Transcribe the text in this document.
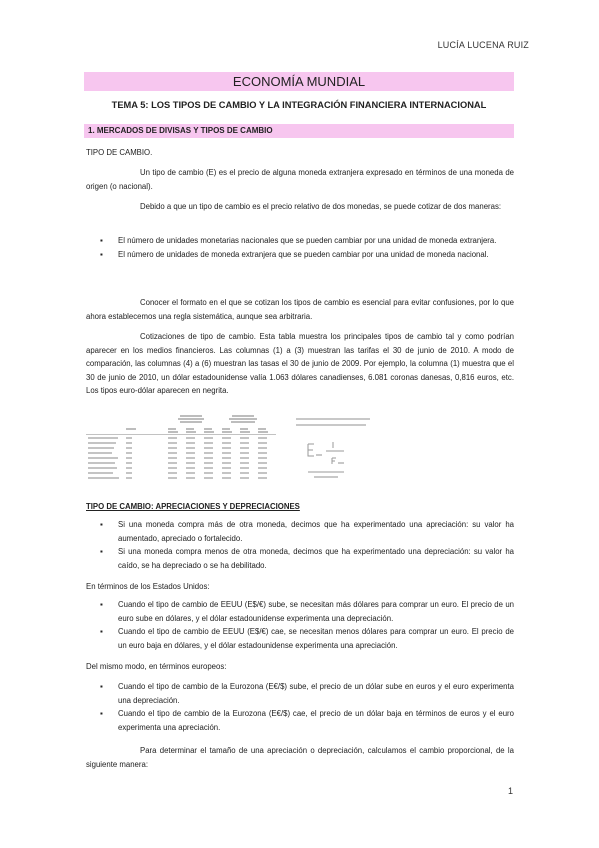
LUCÍA LUCENA RUIZ
ECONOMÍA MUNDIAL
TEMA 5: LOS TIPOS DE CAMBIO Y LA INTEGRACIÓN FINANCIERA INTERNACIONAL
1. MERCADOS DE DIVISAS Y TIPOS DE CAMBIO
TIPO DE CAMBIO.
Un tipo de cambio (E) es el precio de alguna moneda extranjera expresado en términos de una moneda de origen (o nacional).
Debido a que un tipo de cambio es el precio relativo de dos monedas, se puede cotizar de dos maneras:
▪ El número de unidades monetarias nacionales que se pueden cambiar por una unidad de moneda extranjera.
▪ El número de unidades de moneda extranjera que se pueden cambiar por una unidad de moneda nacional.
Conocer el formato en el que se cotizan los tipos de cambio es esencial para evitar confusiones, por lo que ahora establecemos una regla sistemática, aunque sea arbitraria.
Cotizaciones de tipo de cambio. Esta tabla muestra los principales tipos de cambio tal y como podrían aparecer en los medios financieros. Las columnas (1) a (3) muestran las tarifas el 30 de junio de 2010. A modo de comparación, las columnas (4) a (6) muestran las tasas el 30 de junio de 2009. Por ejemplo, la columna (1) muestra que el 30 de junio de 2010, un dólar estadounidense valía 1.063 dólares canadienses, 6.081 coronas danesas, 0,816 euros, etc. Los tipos euro-dólar aparecen en negrita.
TIPO DE CAMBIO: APRECIACIONES Y DEPRECIACIONES
▪ Si una moneda compra más de otra moneda, decimos que ha experimentado una apreciación: su valor ha aumentado, apreciado o fortalecido.
▪ Si una moneda compra menos de otra moneda, decimos que ha experimentado una depreciación: su valor ha caído, se ha depreciado o se ha debilitado.
En términos de los Estados Unidos:
▪ Cuando el tipo de cambio de EEUU (E$/€) sube, se necesitan más dólares para comprar un euro. El precio de un euro sube en dólares, y el dólar estadounidense experimenta una depreciación.
▪ Cuando el tipo de cambio de EEUU (E$/€) cae, se necesitan menos dólares para comprar un euro. El precio de un euro baja en dólares, y el dólar estadounidense experimenta una apreciación.
Del mismo modo, en términos europeos:
▪ Cuando el tipo de cambio de la Eurozona (E€/$) sube, el precio de un dólar sube en euros y el euro experimenta una depreciación.
▪ Cuando el tipo de cambio de la Eurozona (E€/$) cae, el precio de un dólar baja en términos de euros y el euro experimenta una apreciación.
Para determinar el tamaño de una apreciación o depreciación, calculamos el cambio proporcional, de la siguiente manera:
1
